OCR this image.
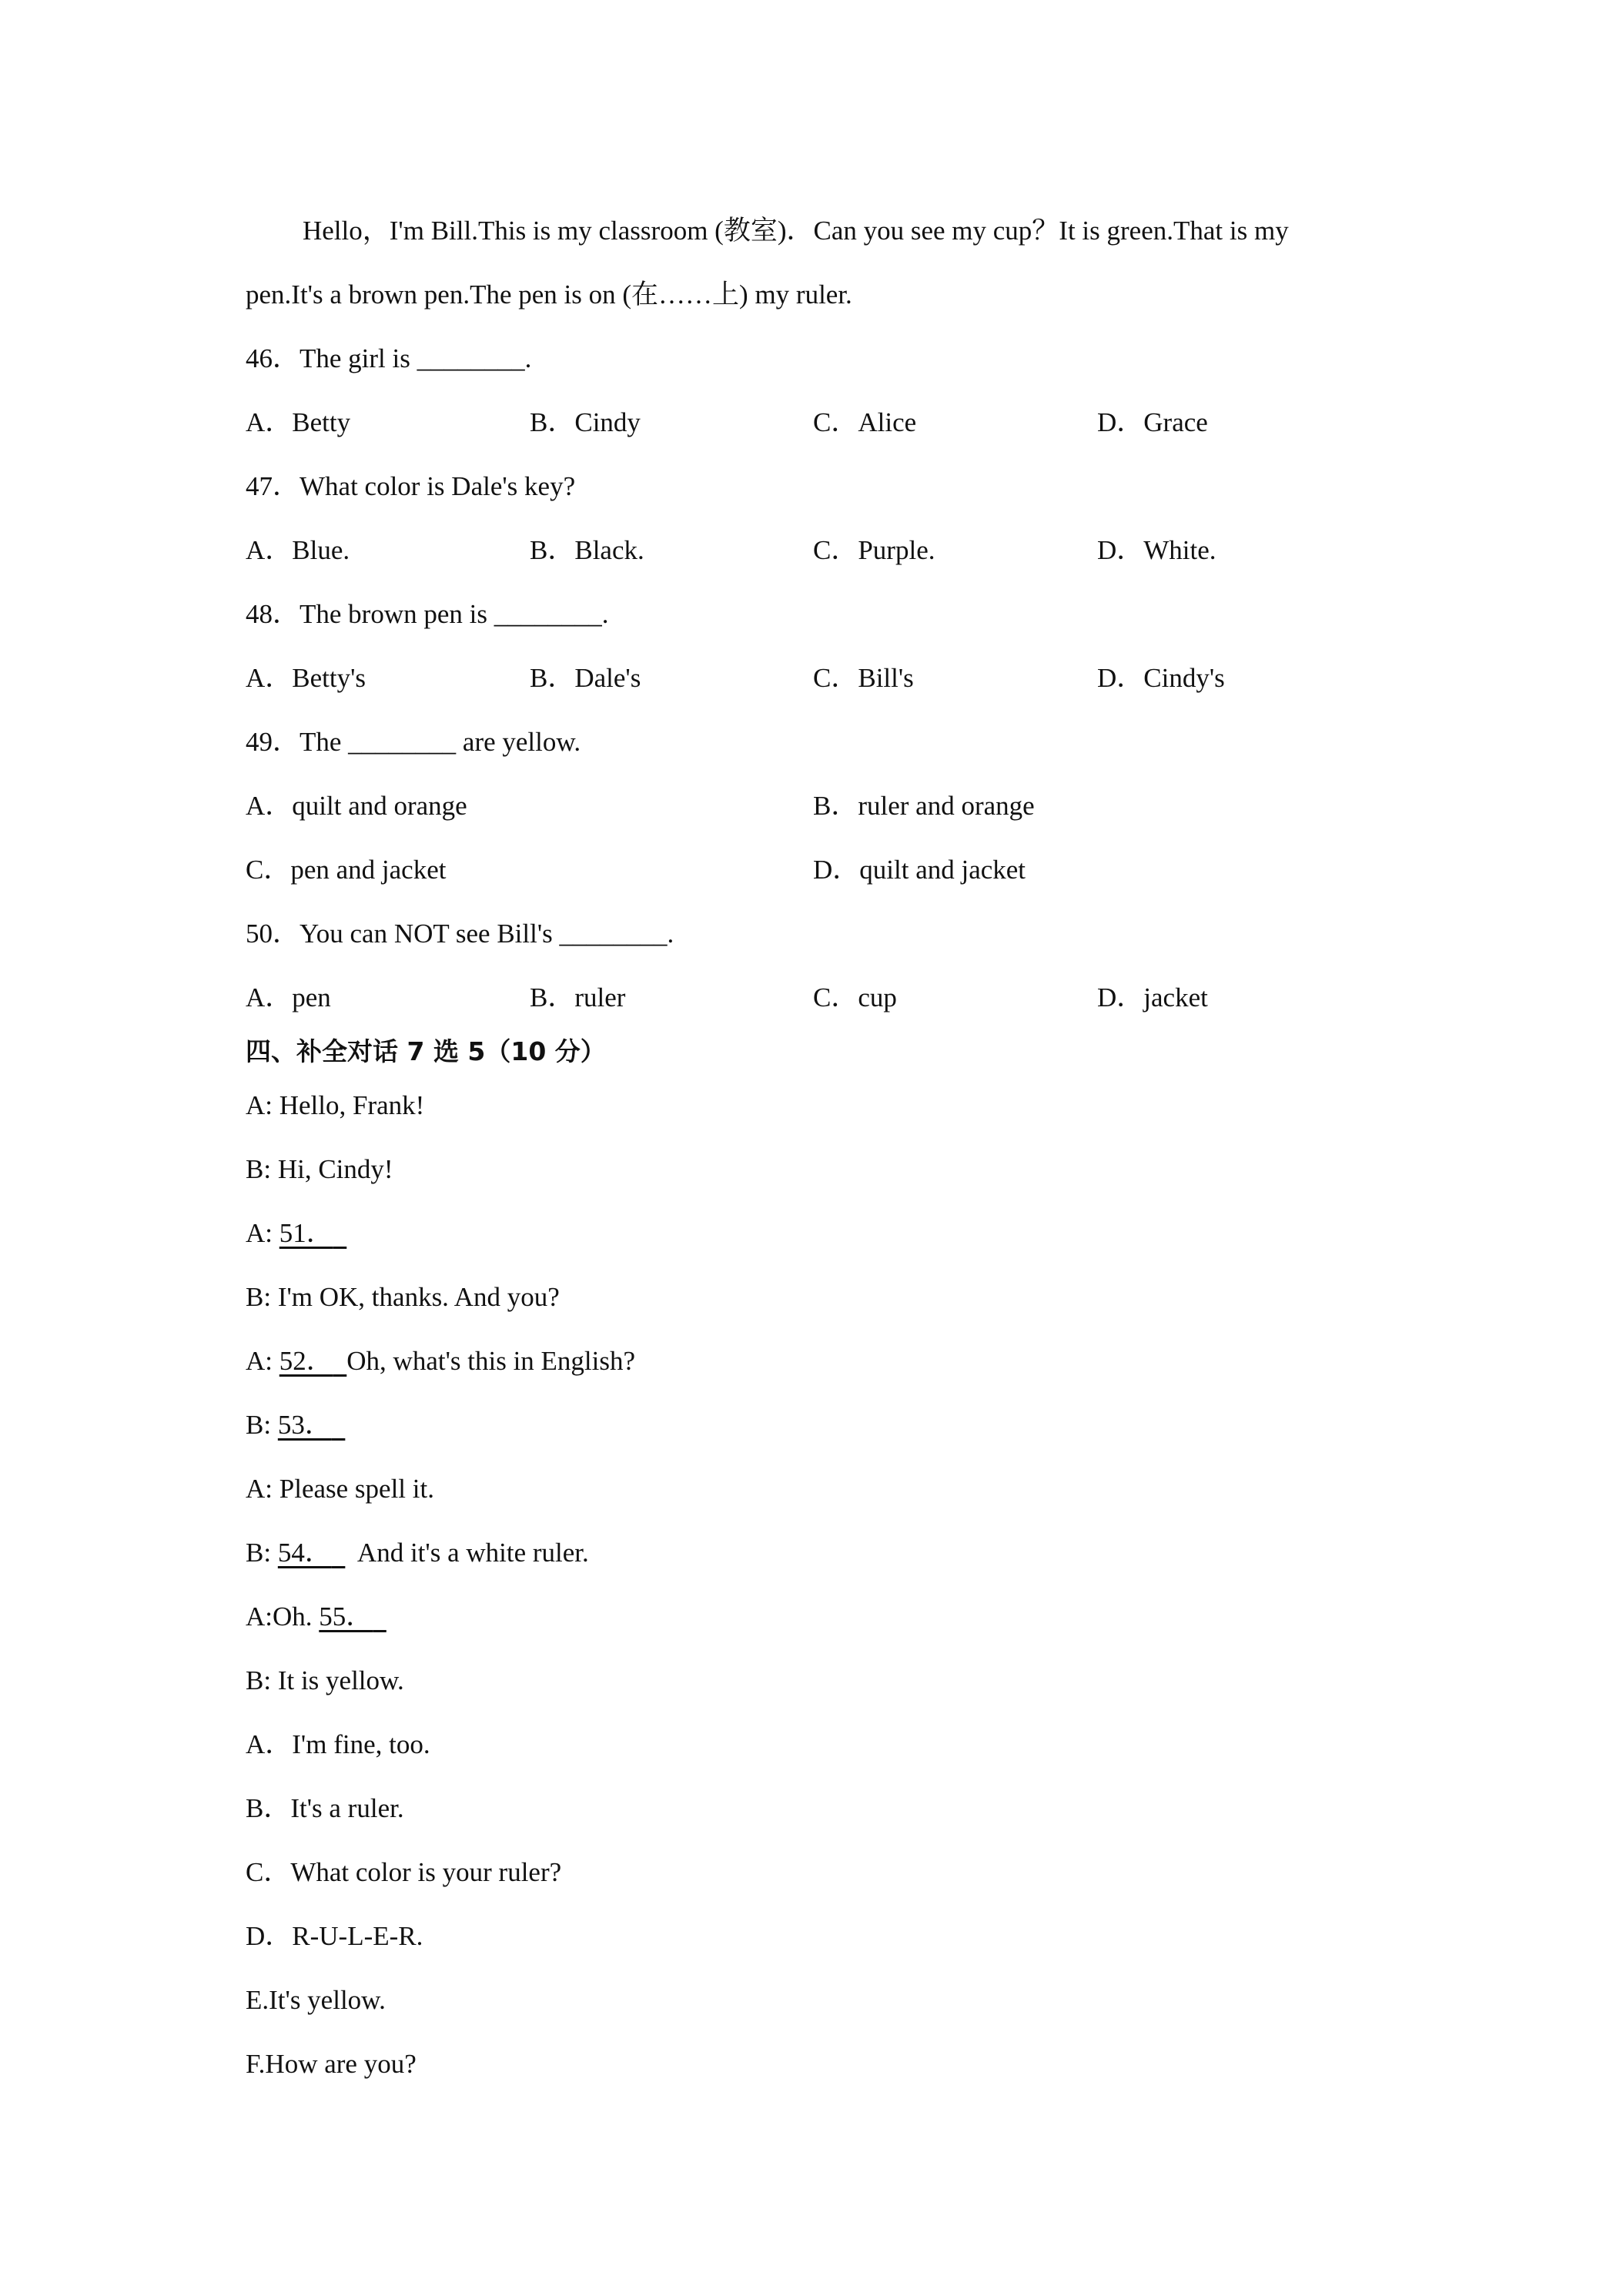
Hello，I'm Bill.This is my classroom (教室)．Can you see my cup？It is green.That is my
pen.It's a brown pen.The pen is on (在……上) my ruler.
46．The girl is ________.
A．Betty	B．Cindy	C．Alice	D．Grace
47．What color is Dale's key?
A．Blue.	B．Black.	C．Purple.	D．White.
48．The brown pen is ________.
A．Betty's	B．Dale's	C．Bill's	D．Cindy's
49．The ________ are yellow.
A．quilt and orange	B．ruler and orange
C．pen and jacket	D．quilt and jacket
50．You can NOT see Bill's ________.
A．pen	B．ruler	C．cup	D．jacket
四、补全对话 7 选 5（10 分）
A: Hello, Frank!
B: Hi, Cindy!
A: 51．
B: I'm OK, thanks. And you?
A: 52． Oh, what's this in English?
B: 53．
A: Please spell it.
B: 54．    And it's a white ruler.
A:Oh. 55．
B: It is yellow.
A．I'm fine, too.
B．It's a ruler.
C．What color is your ruler?
D．R-U-L-E-R.
E.It's yellow.
F.How are you?
